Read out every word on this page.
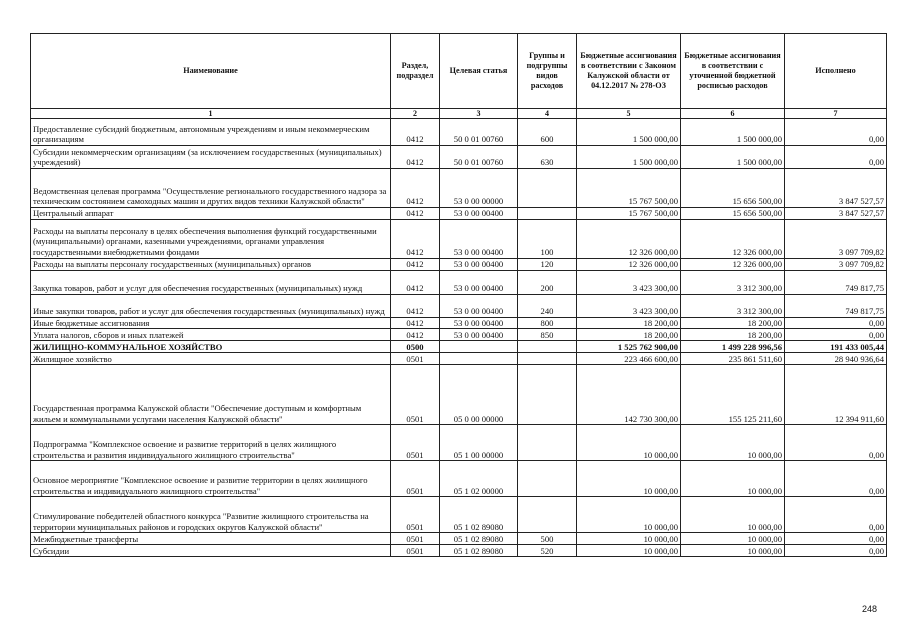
Наименование	Раздел, подраздел	Целевая статья	Группы и подгруппы видов расходов	Бюджетные ассигнования в соответствии с Законом Калужской области от 04.12.2017 № 278-ОЗ	Бюджетные ассигнования в соответствии с уточненной бюджетной росписью расходов	Исполнено
1	2	3	4	5	6	7
Предоставление субсидий бюджетным, автономным учреждениям и иным некоммерческим организациям	0412	50 0 01 00760	600	1 500 000,00	1 500 000,00	0,00
Субсидии некоммерческим организациям (за исключением государственных (муниципальных) учреждений)	0412	50 0 01 00760	630	1 500 000,00	1 500 000,00	0,00
Ведомственная целевая программа "Осуществление регионального государственного надзора за техническим состоянием самоходных машин и других видов техники Калужской области"	0412	53 0 00 00000		15 767 500,00	15 656 500,00	3 847 527,57
Центральный аппарат	0412	53 0 00 00400		15 767 500,00	15 656 500,00	3 847 527,57
Расходы на выплаты персоналу в целях обеспечения выполнения функций государственными (муниципальными) органами, казенными учреждениями, органами управления государственными внебюджетными фондами	0412	53 0 00 00400	100	12 326 000,00	12 326 000,00	3 097 709,82
Расходы на выплаты персоналу государственных (муниципальных) органов	0412	53 0 00 00400	120	12 326 000,00	12 326 000,00	3 097 709,82
Закупка товаров, работ и услуг для обеспечения государственных (муниципальных) нужд	0412	53 0 00 00400	200	3 423 300,00	3 312 300,00	749 817,75
Иные закупки товаров, работ и услуг для обеспечения государственных (муниципальных) нужд	0412	53 0 00 00400	240	3 423 300,00	3 312 300,00	749 817,75
Иные бюджетные ассигнования	0412	53 0 00 00400	800	18 200,00	18 200,00	0,00
Уплата налогов, сборов и иных платежей	0412	53 0 00 00400	850	18 200,00	18 200,00	0,00
ЖИЛИЩНО-КОММУНАЛЬНОЕ ХОЗЯЙСТВО	0500			1 525 762 900,00	1 499 228 996,56	191 433 005,44
Жилищное хозяйство	0501			223 466 600,00	235 861 511,60	28 940 936,64
Государственная программа Калужской области "Обеспечение доступным и комфортным жильем и коммунальными услугами населения Калужской области"	0501	05 0 00 00000		142 730 300,00	155 125 211,60	12 394 911,60
Подпрограмма "Комплексное освоение и развитие территорий в целях жилищного строительства и развития индивидуального жилищного строительства"	0501	05 1 00 00000		10 000,00	10 000,00	0,00
Основное мероприятие "Комплексное освоение и развитие территории в целях жилищного строительства и индивидуального жилищного строительства"	0501	05 1 02 00000		10 000,00	10 000,00	0,00
Стимулирование победителей областного конкурса "Развитие жилищного строительства на территории муниципальных районов и городских округов Калужской области"	0501	05 1 02 89080		10 000,00	10 000,00	0,00
Межбюджетные трансферты	0501	05 1 02 89080	500	10 000,00	10 000,00	0,00
Субсидии	0501	05 1 02 89080	520	10 000,00	10 000,00	0,00
248
